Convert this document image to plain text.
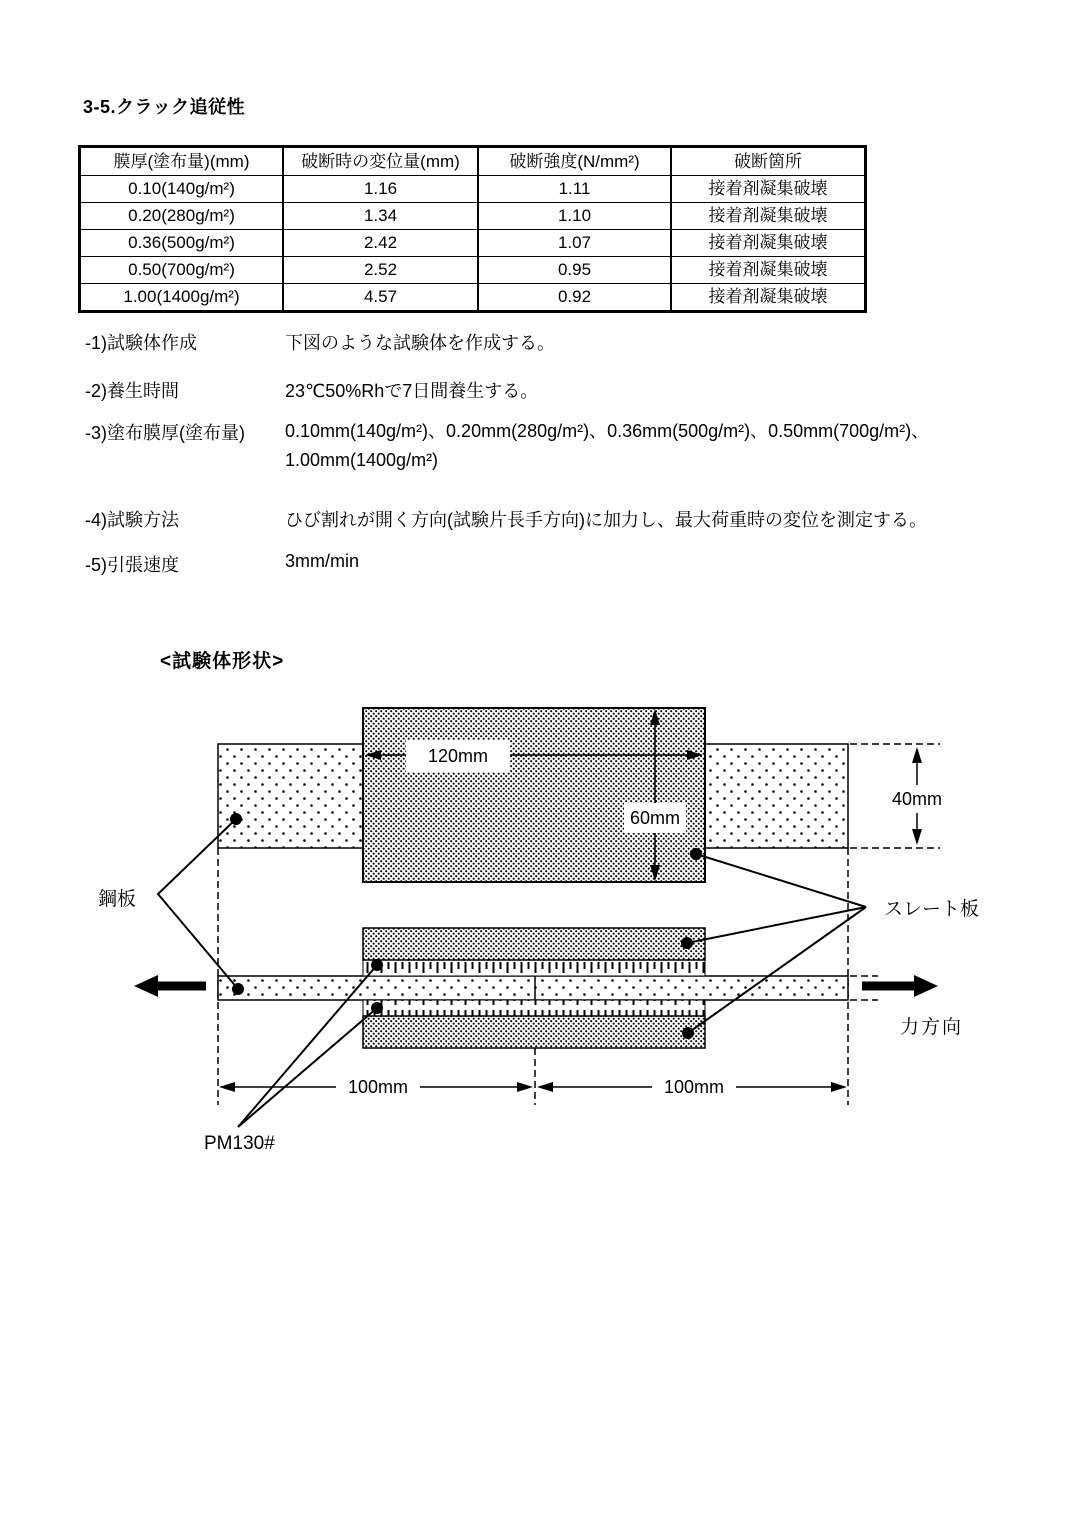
3-5.クラック追従性
膜厚(塗布量)(mm)	破断時の変位量(mm)	破断強度(N/mm²)	破断箇所
0.10(140g/m²)	1.16	1.11	接着剤凝集破壊
0.20(280g/m²)	1.34	1.10	接着剤凝集破壊
0.36(500g/m²)	2.42	1.07	接着剤凝集破壊
0.50(700g/m²)	2.52	0.95	接着剤凝集破壊
1.00(1400g/m²)	4.57	0.92	接着剤凝集破壊
-1)試験体作成	下図のような試験体を作成する。
-2)養生時間	23℃50%Rhで7日間養生する。
-3)塗布膜厚(塗布量) 0.10mm(140g/m²)、0.20mm(280g/m²)、0.36mm(500g/m²)、0.50mm(700g/m²)、
1.00mm(1400g/m²)
-4)試験方法	ひび割れが開く方向(試験片長手方向)に加力し、最大荷重時の変位を測定する。
-5)引張速度	3mm/min
<試験体形状>
120mm
60mm
40mm
100mm	100mm
鋼板	スレート板
力方向
PM130#
